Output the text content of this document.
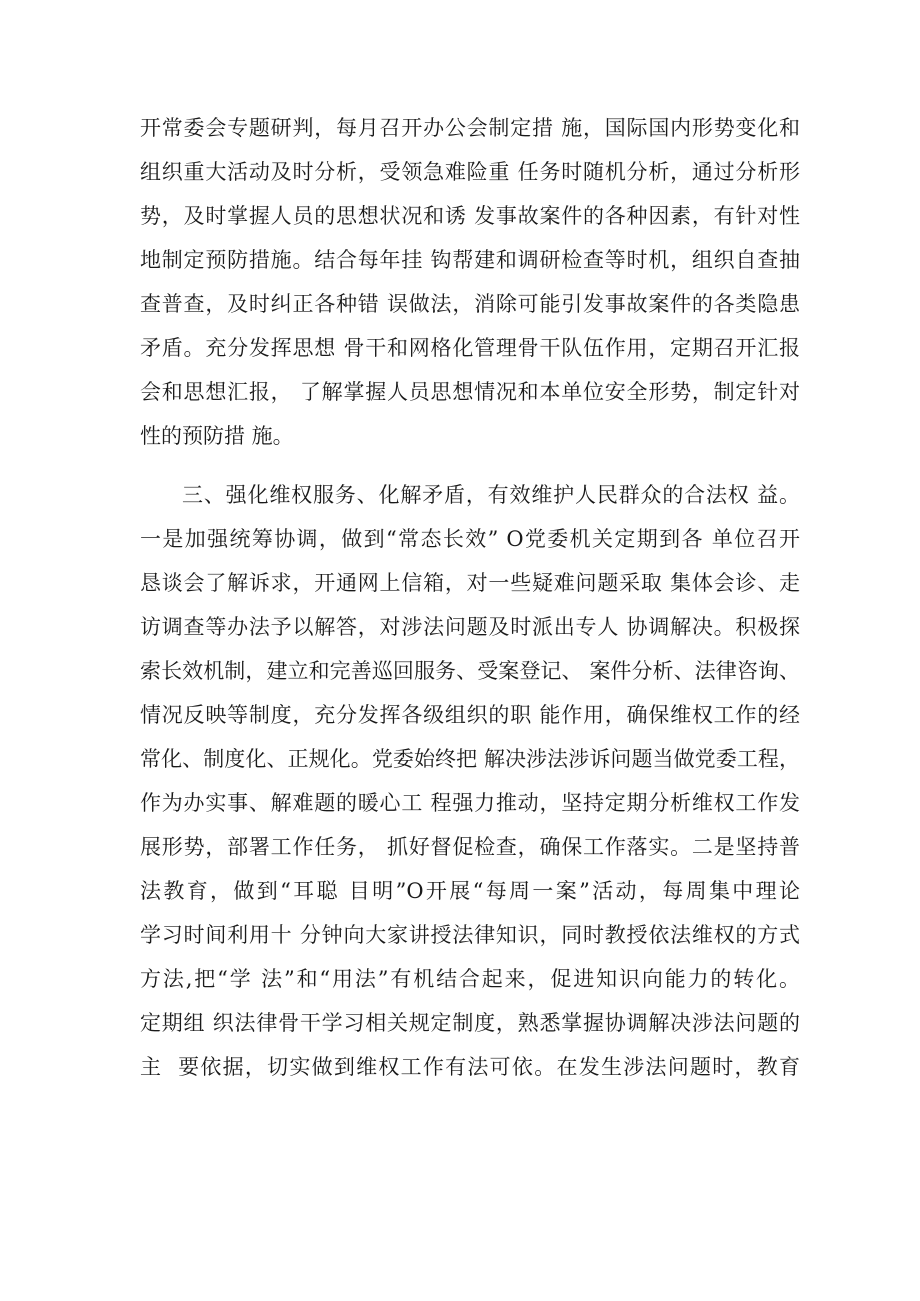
开常委会专题研判，每月召开办公会制定措 施，国际国内形势变化和
组织重大活动及时分析，受领急难险重 任务时随机分析，通过分析形
势，及时掌握人员的思想状况和诱 发事故案件的各种因素，有针对性
地制定预防措施。结合每年挂 钩帮建和调研检查等时机，组织自查抽
查普查，及时纠正各种错 误做法，消除可能引发事故案件的各类隐患
矛盾。充分发挥思想 骨干和网格化管理骨干队伍作用，定期召开汇报
会和思想汇报， 了解掌握人员思想情况和本单位安全形势，制定针对
性的预防措 施。
三、强化维权服务、化解矛盾，有效维护人民群众的合法权 益。
一是加强统筹协调，做到“常态长效” O党委机关定期到各 单位召开
恳谈会了解诉求，开通网上信箱，对一些疑难问题采取 集体会诊、走
访调查等办法予以解答，对涉法问题及时派出专人 协调解决。积极探
索长效机制，建立和完善巡回服务、受案登记、 案件分析、法律咨询、
情况反映等制度，充分发挥各级组织的职 能作用，确保维权工作的经
常化、制度化、正规化。党委始终把 解决涉法涉诉问题当做党委工程，
作为办实事、解难题的暖心工 程强力推动，坚持定期分析维权工作发
展形势，部署工作任务， 抓好督促检查，确保工作落实。二是坚持普
法教育，做到“耳聪 目明”O开展“每周一案”活动，每周集中理论
学习时间利用十 分钟向大家讲授法律知识，同时教授依法维权的方式
方法,把“学 法”和“用法”有机结合起来，促进知识向能力的转化。
定期组 织法律骨干学习相关规定制度，熟悉掌握协调解决涉法问题的
主  要依据，切实做到维权工作有法可依。在发生涉法问题时，教育
